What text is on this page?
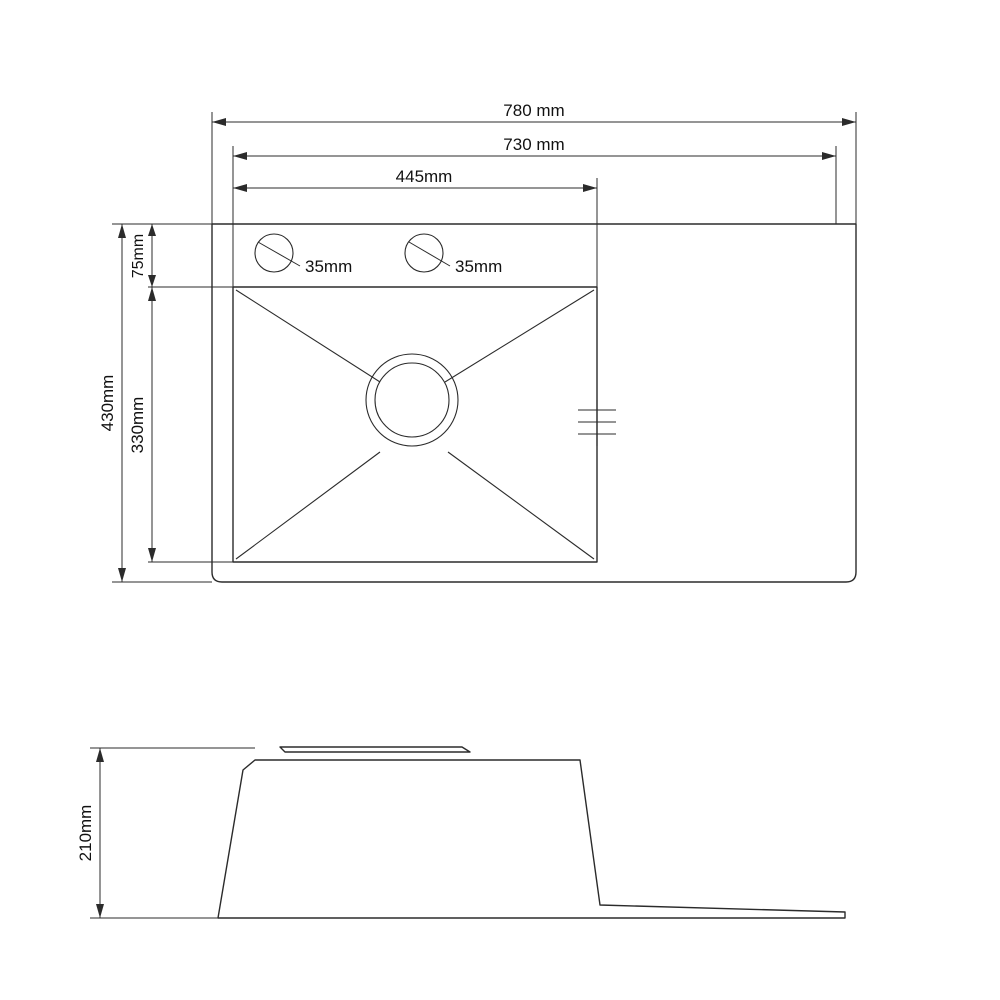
35mm	35mm
780 mm
730 mm
445mm
430mm 330mm
75mm
210mm
